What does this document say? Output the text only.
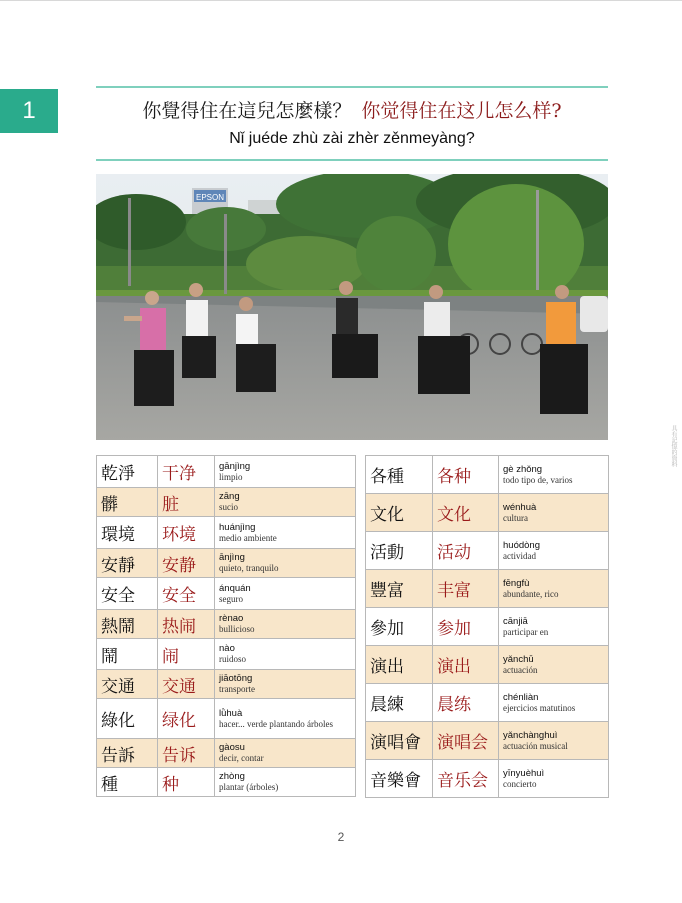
1	你覺得住在這兒怎麼樣？ 你觉得住在这儿怎么样?
Nǐ juéde zhù zài zhèr zěnmeyàng?
EPSON
具有記憶的資料
乾淨	干净	gānjìng
limpio

髒	脏	zāng
sucio

環境	环境	huánjìng
medio ambiente

安靜	安静	ānjìng
quieto, tranquilo

安全	安全	ánquán
seguro

熱鬧	热闹	rènao
bullicioso

鬧	闹	nào
ruidoso

交通	交通	jiāotōng
transporte

綠化	绿化	lǜhuà
hacer... verde plantando árboles

告訴	告诉	gàosu
decir, contar

種	种	zhòng
plantar (árboles)
各種	各种	gè zhǒng
todo tipo de, varios

文化	文化	wénhuà
cultura

活動	活动	huódòng
actividad

豐富	丰富	fēngfù
abundante, rico

參加	参加	cānjiā
participar en

演出	演出	yǎnchū
actuación

晨練	晨练	chénliàn
ejercicios matutinos

演唱會	演唱会	yǎnchànghuì
actuación musical

音樂會	音乐会	yīnyuèhuì
concierto
2
